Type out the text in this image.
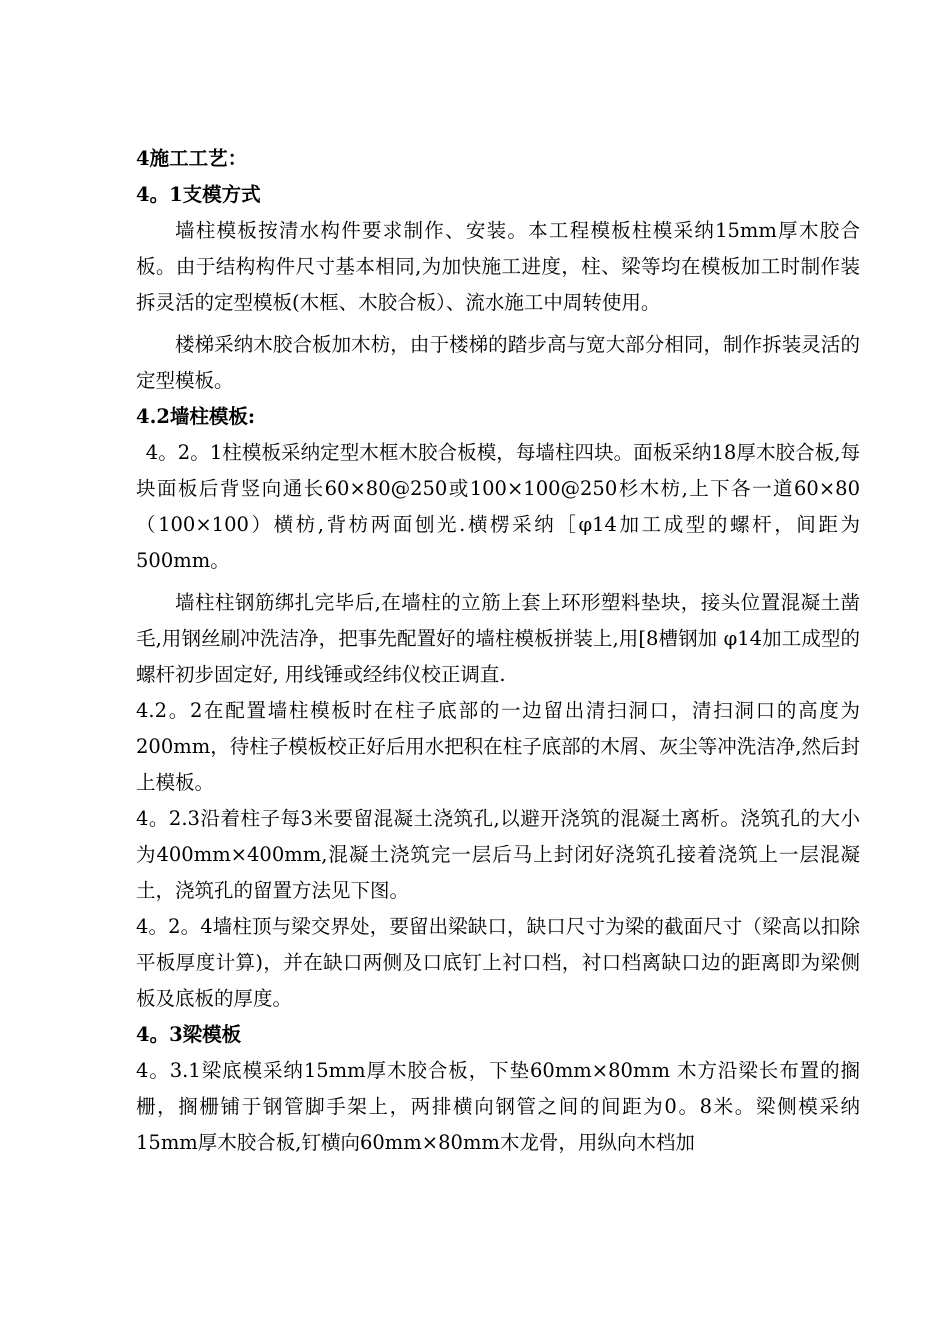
4施工工艺：
4。1支模方式

墙柱模板按清水构件要求制作、安装。本工程模板柱模采纳15mm厚木胶合板。由于结构构件尺寸基本相同,为加快施工进度，柱、梁等均在模板加工时制作装拆灵活的定型模板(木框、木胶合板）、流水施工中周转使用。

楼梯采纳木胶合板加木枋，由于楼梯的踏步高与宽大部分相同，制作拆装灵活的定型模板。

4.2墙柱模板:

4。2。1柱模板采纳定型木框木胶合板模，每墙柱四块。面板采纳18厚木胶合板,每块面板后背竖向通长60×80@250或100×100@250杉木枋,上下各一道60×80（100×100）横枋,背枋两面刨光.横楞采纳［φ14加工成型的螺杆，间距为500mm。

墙柱柱钢筋绑扎完毕后,在墙柱的立筋上套上环形塑料垫块，接头位置混凝土凿毛,用钢丝刷冲洗洁净，把事先配置好的墙柱模板拼装上,用[8槽钢加 φ14加工成型的螺杆初步固定好, 用线锤或经纬仪校正调直.

4.2。2在配置墙柱模板时在柱子底部的一边留出清扫洞口，清扫洞口的高度为200mm，待柱子模板校正好后用水把积在柱子底部的木屑、灰尘等冲洗洁净,然后封上模板。

4。2.3沿着柱子每3米要留混凝土浇筑孔,以避开浇筑的混凝土离析。浇筑孔的大小为400mm×400mm,混凝土浇筑完一层后马上封闭好浇筑孔接着浇筑上一层混凝土，浇筑孔的留置方法见下图。

4。2。4墙柱顶与梁交界处，要留出梁缺口，缺口尺寸为梁的截面尺寸（梁高以扣除平板厚度计算)，并在缺口两侧及口底钉上衬口档，衬口档离缺口边的距离即为梁侧板及底板的厚度。

4。3梁模板

4。3.1梁底模采纳15mm厚木胶合板，下垫60mm×80mm 木方沿梁长布置的搁栅，搁栅铺于钢管脚手架上，两排横向钢管之间的间距为0。8米。梁侧模采纳15mm厚木胶合板,钉横向60mm×80mm木龙骨，用纵向木档加
